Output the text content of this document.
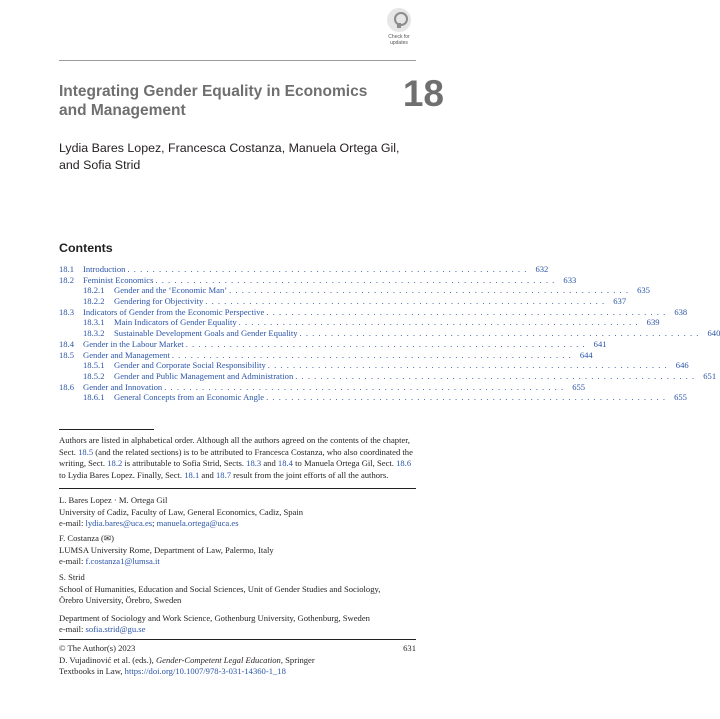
Check for updates
Integrating Gender Equality in Economics and Management	18
Lydia Bares Lopez, Francesca Costanza, Manuela Ortega Gil,
and Sofia Strid
Contents
18.1	Introduction . . . . . . . . . . . . . . . . . . . . . . . . . . . . . . . . . . . . . . . . . . . . . . . . . . . . . . . . . . . . . . . . 632
18.2	Feminist Economics . . . . . . . . . . . . . . . . . . . . . . . . . . . . . . . . . . . . . . . . . . . . . . . . . . . . . . . . . . . . . . . . 633
18.2.1	Gender and the ‘Economic Man’ . . . . . . . . . . . . . . . . . . . . . . . . . . . . . . . . . . . . . . . . . . . . . . . . . . . . . . . . . . . . . . . . 635
18.2.2	Gendering for Objectivity . . . . . . . . . . . . . . . . . . . . . . . . . . . . . . . . . . . . . . . . . . . . . . . . . . . . . . . . . . . . . . . . 637
18.3	Indicators of Gender from the Economic Perspective . . . . . . . . . . . . . . . . . . . . . . . . . . . . . . . . . . . . . . . . . . . . . . . . . . . . . . . . . . . . . . . . 638
18.3.1	Main Indicators of Gender Equality . . . . . . . . . . . . . . . . . . . . . . . . . . . . . . . . . . . . . . . . . . . . . . . . . . . . . . . . . . . . . . . . 639
18.3.2	Sustainable Development Goals and Gender Equality . . . . . . . . . . . . . . . . . . . . . . . . . . . . . . . . . . . . . . . . . . . . . . . . . . . . . . . . . . . . . . . . 640
18.4	Gender in the Labour Market . . . . . . . . . . . . . . . . . . . . . . . . . . . . . . . . . . . . . . . . . . . . . . . . . . . . . . . . . . . . . . . . 641
18.5	Gender and Management . . . . . . . . . . . . . . . . . . . . . . . . . . . . . . . . . . . . . . . . . . . . . . . . . . . . . . . . . . . . . . . . 644
18.5.1	Gender and Corporate Social Responsibility . . . . . . . . . . . . . . . . . . . . . . . . . . . . . . . . . . . . . . . . . . . . . . . . . . . . . . . . . . . . . . . . 646
18.5.2	Gender and Public Management and Administration . . . . . . . . . . . . . . . . . . . . . . . . . . . . . . . . . . . . . . . . . . . . . . . . . . . . . . . . . . . . . . . . 651
18.6	Gender and Innovation . . . . . . . . . . . . . . . . . . . . . . . . . . . . . . . . . . . . . . . . . . . . . . . . . . . . . . . . . . . . . . . . 655
18.6.1	General Concepts from an Economic Angle . . . . . . . . . . . . . . . . . . . . . . . . . . . . . . . . . . . . . . . . . . . . . . . . . . . . . . . . . . . . . . . . 655
Authors are listed in alphabetical order. Although all the authors agreed on the contents of the chapter, Sect. 18.5 (and the related sections) is to be attributed to Francesca Costanza, who also coordinated the writing, Sect. 18.2 is attributable to Sofia Strid, Sects. 18.3 and 18.4 to Manuela Ortega Gil, Sect. 18.6 to Lydia Bares Lopez. Finally, Sect. 18.1 and 18.7 result from the joint efforts of all the authors.
L. Bares Lopez · M. Ortega Gil
University of Cadiz, Faculty of Law, General Economics, Cadiz, Spain
e-mail: lydia.bares@uca.es; manuela.ortega@uca.es
F. Costanza (✉)
LUMSA University Rome, Department of Law, Palermo, Italy
e-mail: f.costanza1@lumsa.it
S. Strid
School of Humanities, Education and Social Sciences, Unit of Gender Studies and Sociology,
Örebro University, Örebro, Sweden
Department of Sociology and Work Science, Gothenburg University, Gothenburg, Sweden
e-mail: sofia.strid@gu.se
© The Author(s) 2023
D. Vujadinović et al. (eds.), Gender-Competent Legal Education, Springer
Textbooks in Law, https://doi.org/10.1007/978-3-031-14360-1_18
631
